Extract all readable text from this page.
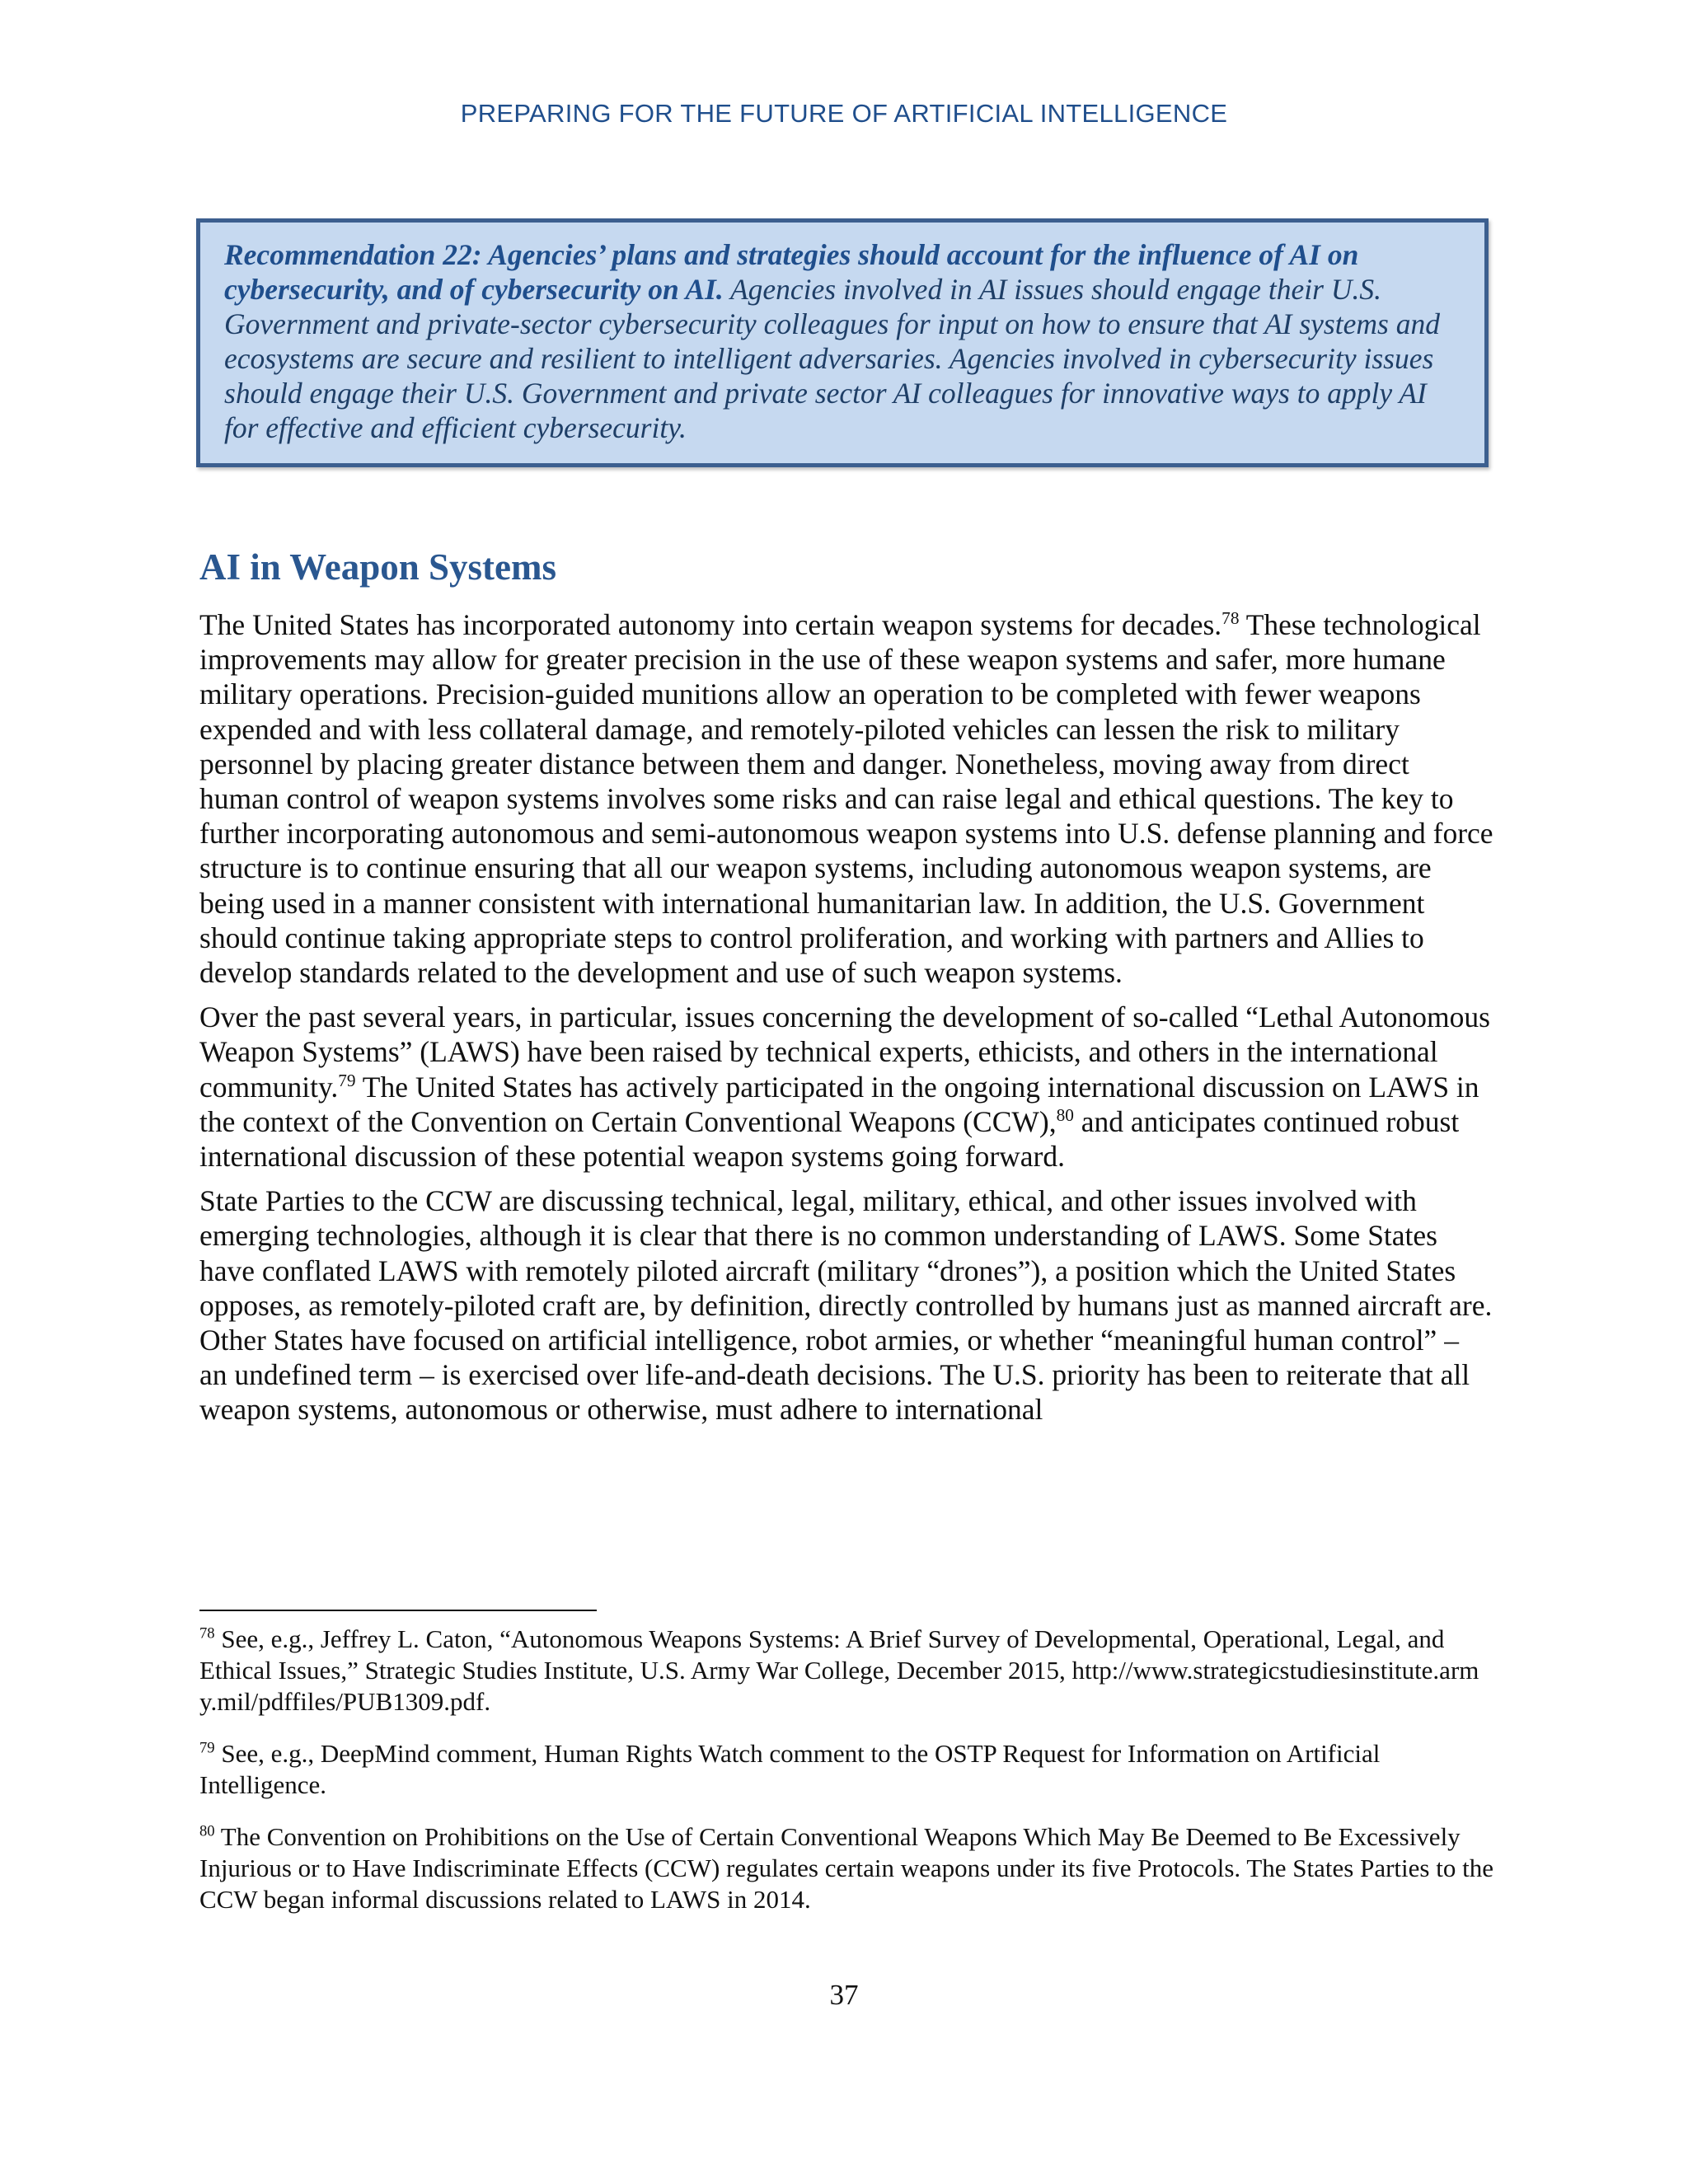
PREPARING FOR THE FUTURE OF ARTIFICIAL INTELLIGENCE
Recommendation 22: Agencies’ plans and strategies should account for the influence of AI on cybersecurity, and of cybersecurity on AI. Agencies involved in AI issues should engage their U.S. Government and private-sector cybersecurity colleagues for input on how to ensure that AI systems and ecosystems are secure and resilient to intelligent adversaries. Agencies involved in cybersecurity issues should engage their U.S. Government and private sector AI colleagues for innovative ways to apply AI for effective and efficient cybersecurity.
AI in Weapon Systems

The United States has incorporated autonomy into certain weapon systems for decades.$^{78}$ These technological improvements may allow for greater precision in the use of these weapon systems and safer, more humane military operations. Precision-guided munitions allow an operation to be completed with fewer weapons expended and with less collateral damage, and remotely-piloted vehicles can lessen the risk to military personnel by placing greater distance between them and danger. Nonetheless, moving away from direct human control of weapon systems involves some risks and can raise legal and ethical questions. The key to further incorporating autonomous and semi-autonomous weapon systems into U.S. defense planning and force structure is to continue ensuring that all our weapon systems, including autonomous weapon systems, are being used in a manner consistent with international humanitarian law. In addition, the U.S. Government should continue taking appropriate steps to control proliferation, and working with partners and Allies to develop standards related to the development and use of such weapon systems.

Over the past several years, in particular, issues concerning the development of so-called “Lethal Autonomous Weapon Systems” (LAWS) have been raised by technical experts, ethicists, and others in the international community.$^{79}$ The United States has actively participated in the ongoing international discussion on LAWS in the context of the Convention on Certain Conventional Weapons (CCW),$^{80}$ and anticipates continued robust international discussion of these potential weapon systems going forward.

State Parties to the CCW are discussing technical, legal, military, ethical, and other issues involved with emerging technologies, although it is clear that there is no common understanding of LAWS. Some States have conflated LAWS with remotely piloted aircraft (military “drones”), a position which the United States opposes, as remotely-piloted craft are, by definition, directly controlled by humans just as manned aircraft are. Other States have focused on artificial intelligence, robot armies, or whether “meaningful human control” – an undefined term – is exercised over life-and-death decisions. The U.S. priority has been to reiterate that all weapon systems, autonomous or otherwise, must adhere to international

$^{78}$ See, e.g., Jeffrey L. Caton, “Autonomous Weapons Systems: A Brief Survey of Developmental, Operational, Legal, and Ethical Issues,” Strategic Studies Institute, U.S. Army War College, December 2015, http://www.strategicstudiesinstitute.army.mil/pdffiles/PUB1309.pdf.
$^{79}$ See, e.g., DeepMind comment, Human Rights Watch comment to the OSTP Request for Information on Artificial Intelligence.
$^{80}$ The Convention on Prohibitions on the Use of Certain Conventional Weapons Which May Be Deemed to Be Excessively Injurious or to Have Indiscriminate Effects (CCW) regulates certain weapons under its five Protocols. The States Parties to the CCW began informal discussions related to LAWS in 2014.
37
